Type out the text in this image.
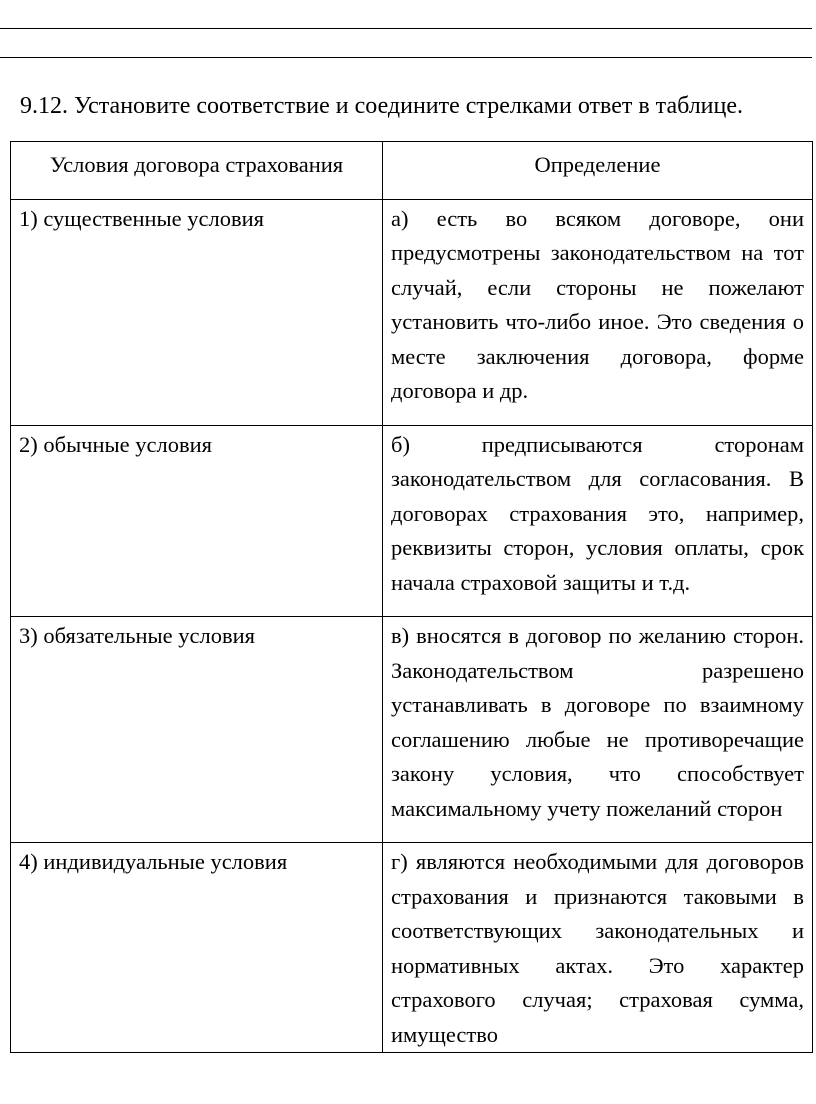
9.12. Установите соответствие и соедините стрелками ответ в таблице.
Условия договора страхования	Определение
1) существенные условия	а) есть во всяком договоре, они предусмотрены законодательством на тот случай, если стороны не пожелают установить что-либо иное. Это сведения о месте заключения договора, форме договора и др.
2) обычные условия	б) предписываются сторонам законодательством для согласования. В договорах страхования это, например, реквизиты сторон, условия оплаты, срок начала страховой защиты и т.д.
3) обязательные условия	в) вносятся в договор по желанию сторон. Законодательством разрешено устанавливать в договоре по взаимному соглашению любые не противоречащие закону условия, что способствует максимальному учету пожеланий сторон
4) индивидуальные условия	г) являются необходимыми для договоров страхования и признаются таковыми в соответствующих законодательных и нормативных актах. Это характер страхового случая; страховая сумма, имущество
